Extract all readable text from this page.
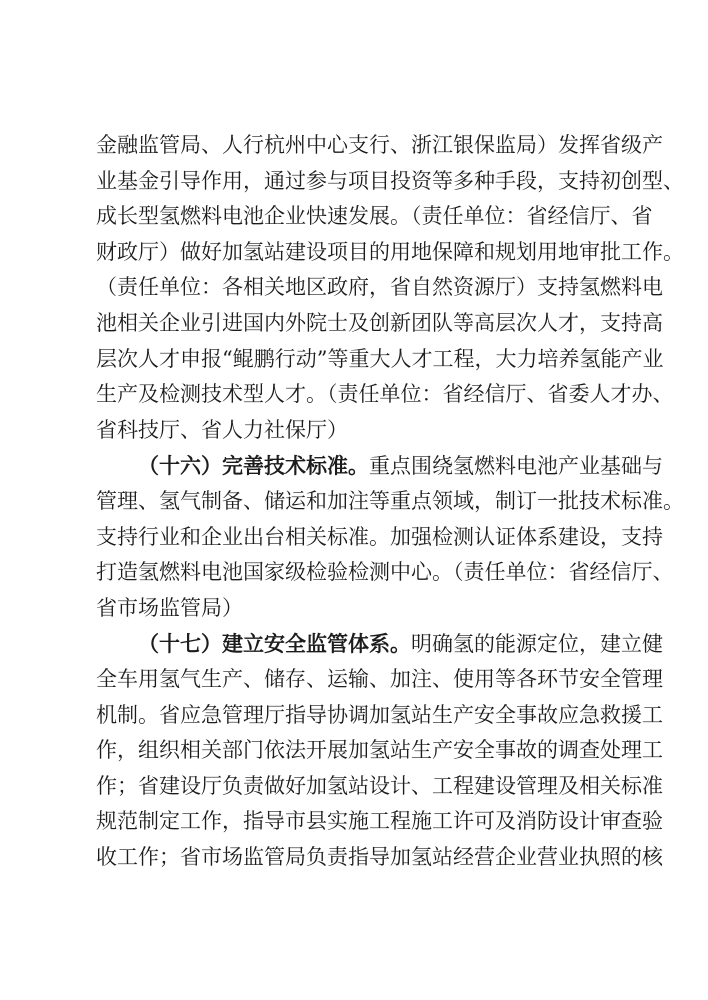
金融监管局、人行杭州中心支行、浙江银保监局）发挥省级产
业基金引导作用，通过参与项目投资等多种手段，支持初创型、
成长型氢燃料电池企业快速发展。（责任单位：省经信厅、省
财政厅）做好加氢站建设项目的用地保障和规划用地审批工作。
（责任单位：各相关地区政府，省自然资源厅）支持氢燃料电
池相关企业引进国内外院士及创新团队等高层次人才，支持高
层次人才申报“鲲鹏行动”等重大人才工程，大力培养氢能产业
生产及检测技术型人才。（责任单位：省经信厅、省委人才办、
省科技厅、省人力社保厅）
（十六）完善技术标准。重点围绕氢燃料电池产业基础与
管理、氢气制备、储运和加注等重点领域，制订一批技术标准。
支持行业和企业出台相关标准。加强检测认证体系建设，支持
打造氢燃料电池国家级检验检测中心。（责任单位：省经信厅、
省市场监管局）
（十七）建立安全监管体系。明确氢的能源定位，建立健
全车用氢气生产、储存、运输、加注、使用等各环节安全管理
机制。省应急管理厅指导协调加氢站生产安全事故应急救援工
作，组织相关部门依法开展加氢站生产安全事故的调查处理工
作；省建设厅负责做好加氢站设计、工程建设管理及相关标准
规范制定工作，指导市县实施工程施工许可及消防设计审查验
收工作；省市场监管局负责指导加氢站经营企业营业执照的核
